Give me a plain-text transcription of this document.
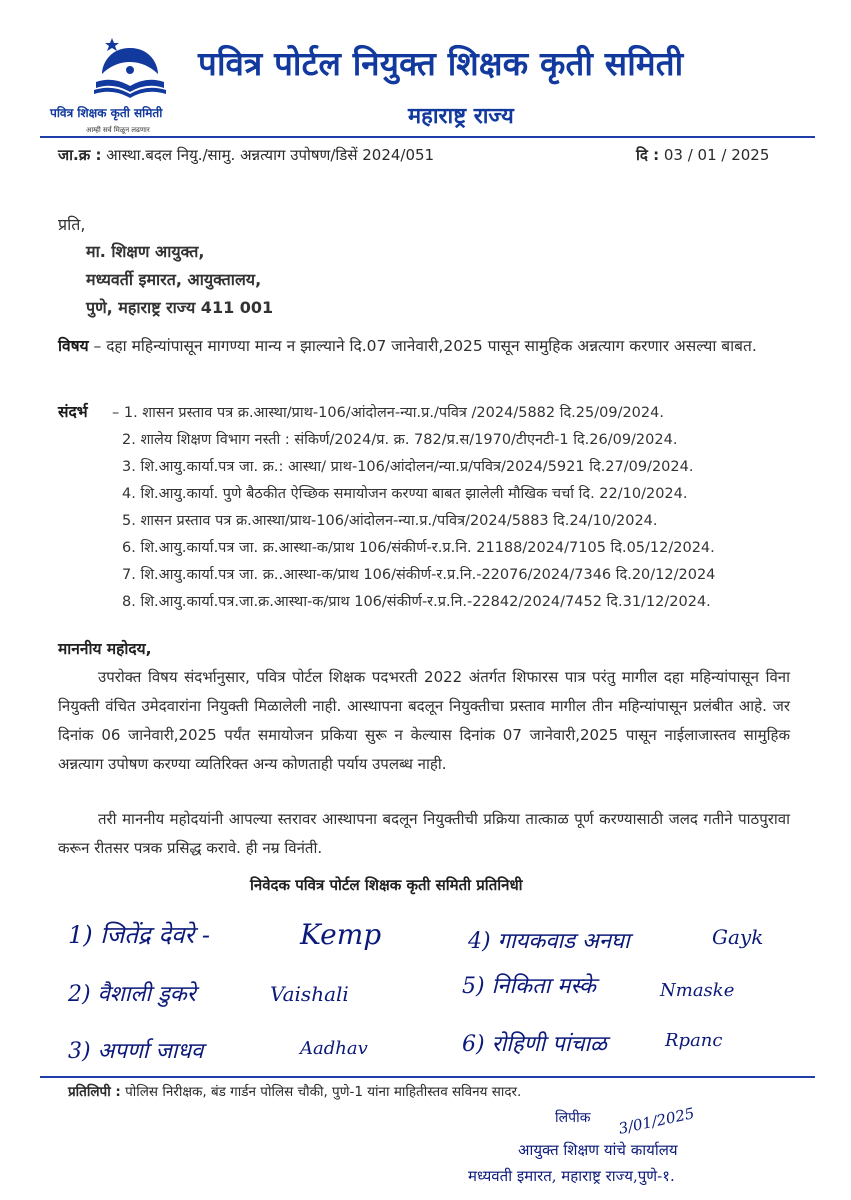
पवित्र शिक्षक कृती समिती
आम्ही सर्व मिळून लढणार
पवित्र पोर्टल नियुक्त शिक्षक कृती समिती
महाराष्ट्र राज्य
जा.क्र : आस्था.बदल नियु./सामु. अन्नत्याग उपोषण/डिसें 2024/051	दि : 03 / 01 / 2025
प्रति,
मा. शिक्षण आयुक्त,
मध्यवर्ती इमारत, आयुक्तालय,
पुणे, महाराष्ट्र राज्य 411 001
विषय – दहा महिन्यांपासून मागण्या मान्य न झाल्याने दि.07 जानेवारी,2025 पासून सामुहिक अन्नत्याग करणार असल्या बाबत.
संदर्भ – 1. शासन प्रस्ताव पत्र क्र.आस्था/प्राथ-106/आंदोलन-न्या.प्र./पवित्र /2024/5882 दि.25/09/2024.
2. शालेय शिक्षण विभाग नस्ती : संकिर्ण/2024/प्र. क्र. 782/प्र.स/1970/टीएनटी-1 दि.26/09/2024.
3. शि.आयु.कार्या.पत्र जा. क्र.: आस्था/ प्राथ-106/आंदोलन/न्या.प्र/पवित्र/2024/5921 दि.27/09/2024.
4. शि.आयु.कार्या. पुणे बैठकीत ऐच्छिक समायोजन करण्या बाबत झालेली मौखिक चर्चा दि. 22/10/2024.
5. शासन प्रस्ताव पत्र क्र.आस्था/प्राथ-106/आंदोलन-न्या.प्र./पवित्र/2024/5883 दि.24/10/2024.
6. शि.आयु.कार्या.पत्र जा. क्र.आस्था-क/प्राथ 106/संकीर्ण-र.प्र.नि. 21188/2024/7105 दि.05/12/2024.
7. शि.आयु.कार्या.पत्र जा. क्र..आस्था-क/प्राथ 106/संकीर्ण-र.प्र.नि.-22076/2024/7346 दि.20/12/2024
8. शि.आयु.कार्या.पत्र.जा.क्र.आस्था-क/प्राथ 106/संकीर्ण-र.प्र.नि.-22842/2024/7452 दि.31/12/2024.
माननीय महोदय,

उपरोक्त विषय संदर्भानुसार, पवित्र पोर्टल शिक्षक पदभरती 2022 अंतर्गत शिफारस पात्र परंतु मागील दहा महिन्यांपासून विना नियुक्ती वंचित उमेदवारांना नियुक्ती मिळालेली नाही. आस्थापना बदलून नियुक्तीचा प्रस्ताव मागील तीन महिन्यांपासून प्रलंबीत आहे. जर दिनांक 06 जानेवारी,2025 पर्यंत समायोजन प्रकिया सुरू न केल्यास दिनांक 07 जानेवारी,2025 पासून नाईलाजास्तव सामुहिक अन्नत्याग उपोषण करण्या व्यतिरिक्त अन्य कोणताही पर्याय उपलब्ध नाही.

तरी माननीय महोदयांनी आपल्या स्तरावर आस्थापना बदलून नियुक्तीची प्रक्रिया तात्काळ पूर्ण करण्यासाठी जलद गतीने पाठपुरावा करून रीतसर पत्रक प्रसिद्ध करावे. ही नम्र विनंती.

निवेदक पवित्र पोर्टल शिक्षक कृती समिती प्रतिनिधी
1) जितेंद्र देवरे -	Kemp	4) गायकवाड अनघा	Gayk
2) वैशाली डुकरे	Vaishali	5) निकिता मस्के	Nmaske
3) अपर्णा जाधव	Aadhav	6) रोहिणी पांचाळ	Rpanc
प्रतिलिपी : पोलिस निरीक्षक, बंड गार्डन पोलिस चौकी, पुणे-1 यांना माहितीस्तव सविनय सादर.
लिपीक 3/01/2025
आयुक्त शिक्षण यांचे कार्यालय
मध्यवती इमारत, महाराष्ट्र राज्य,पुणे-१.
